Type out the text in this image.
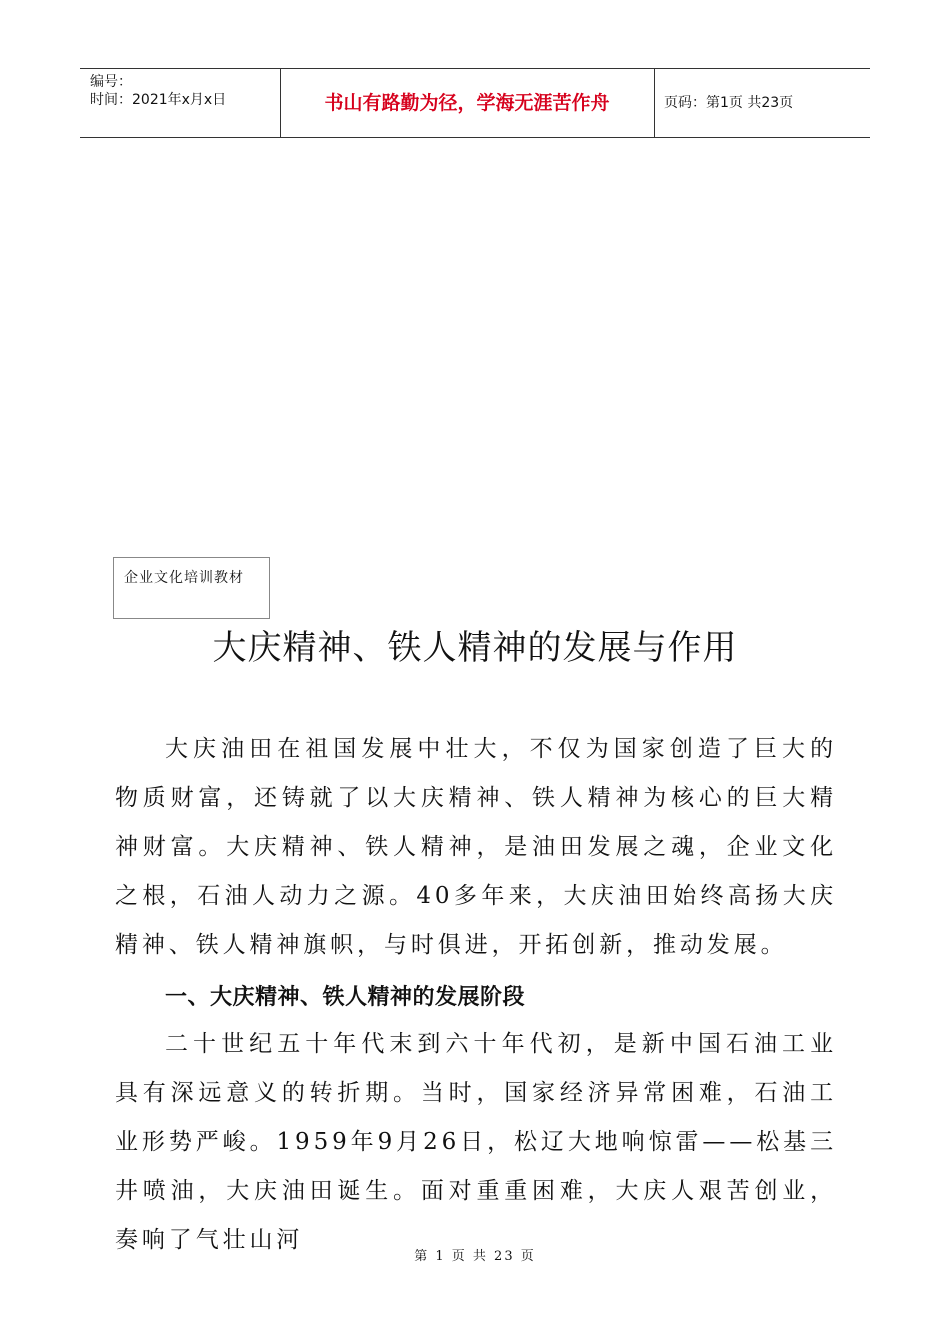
编号：
时间：2021年x月x日	书山有路勤为径，学海无涯苦作舟	页码：第1页 共23页
企业文化培训教材
大庆精神、铁人精神的发展与作用

大庆油田在祖国发展中壮大，不仅为国家创造了巨大的物质财富，还铸就了以大庆精神、铁人精神为核心的巨大精神财富。大庆精神、铁人精神，是油田发展之魂，企业文化之根，石油人动力之源。40多年来，大庆油田始终高扬大庆精神、铁人精神旗帜，与时俱进，开拓创新，推动发展。

一、大庆精神、铁人精神的发展阶段

二十世纪五十年代末到六十年代初，是新中国石油工业具有深远意义的转折期。当时，国家经济异常困难，石油工业形势严峻。1959年9月26日，松辽大地响惊雷——松基三井喷油，大庆油田诞生。面对重重困难，大庆人艰苦创业，奏响了气壮山河

第 1 页 共 23 页
